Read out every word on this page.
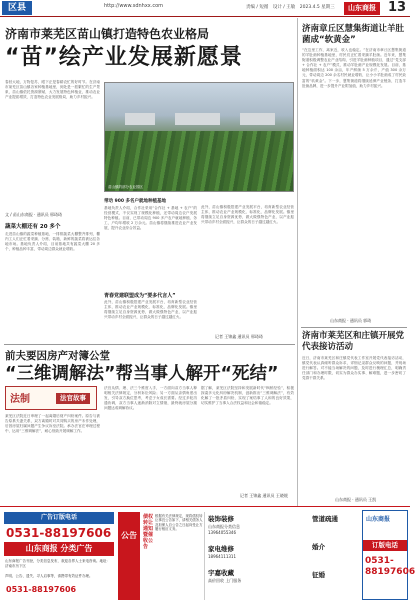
区县	http://www.sdnhxx.com	责编 / 短循　设计 / 王敏　2023.4.5 星期三	山东商报 13
济南市莱芜区苗山镇打造特色农业格局
“苗”绘产业发展新愿景
春回大地，万物复苏，眼下正是春耕农忙的好时节。在济南市莱芜区苗山镇各家种植基地里，到处是一派繁忙的生产景象，苗山镇依托资源禀赋，大力发展特色种植业，推动农业产业提质增效，打造特色农业发展格局，助力乡村振兴。
苗山镇的部分农业园区
文 / 苗山东商报 · 通讯员 邢琦琦
带动 900 多名户就地种植基地
蔬菜大棚还有 20 多个
走进苗山镇的蔬菜种植基地，一排排蔬菜大棚整齐排列，棚内工人们正忙着采摘、分拣、装箱，新鲜的蔬菜将被运往各地市场。基地负责人介绍，目前基地共有蔬菜大棚 20 多个，种植品种丰富，带动周边群众就业增收。
基地负责人介绍，合作社采用“合作社 + 基地 + 农户”的经营模式，不仅实现了规模化种植，还带动周边农户发展特色种植。目前，已带动周边 900 多户农户就地种植、务工，户均年增收 2 万余元。苗山镇将继续推进农业产业发展，提升农业综合效益。
青春党建联盟成为“要多代言人”
此外，苗山镇积极搭建产业发展平台，培育新型农业经营主体，推动农业产业规模化、标准化、品牌化发展。镇里将继续立足自身资源优势，做大做强特色产业，以产业振兴带动乡村全面振兴，让群众的日子越过越红火。
此外，苗山镇积极搭建产业发展平台，培育新型农业经营主体，推动农业产业规模化、标准化、品牌化发展。镇里将继续立足自身资源优势，做大做强特色产业，以产业振兴带动乡村全面振兴，让群众的日子越过越红火。
记者 王锦鑫 通讯员 邢琦琦
前夫要因房产对簿公堂
“三维调解法”帮当事人解开“死结”
法制	法官故事
莱芜区法院近日审理了一起离婚后财产纠纷案件。原告与被告原系夫妻关系，双方离婚时对共同购买的房产未作处理，后因房屋归属问题产生争议诉至法院。承办法官在审理过程中，运用“三维调解法”，耐心细致开展调解工作。
法官从情、理、法三个维度入手，一方面向双方当事人释明相关法律规定，分析诉讼风险；另一方面从亲情角度出发，引导双方换位思考，考虑子女成长需要。经过多轮沟通协调，双方当事人逐渐消除对立情绪，最终就房屋分割问题达成调解协议。
据了解，莱芜区法院坚持和发展新时代“枫桥经验”，积极探索多元化纠纷解决机制，创新推出“三维调解法”，有效化解了一批矛盾纠纷，实现了案结事了人和的良好效果，切实维护了当事人合法权益和社会和谐稳定。
记者 王锦鑫 通讯员 王晓媛
济南章丘区慧集街道让羊肚菌成“软黄金”
“在这里工作，离家近，收入也稳定。”在济南市章丘区慧集街道的羊肚菌种植基地里，村民们正忙着采摘羊肚菌。近年来，慧集街道积极调整农业产业结构，引进羊肚菌种植项目，通过“党支部 + 合作社 + 农户”模式，推动羊肚菌产业规模化发展。目前，基地种植面积达 100 余亩，年产鲜菌 5 万余斤，产值 300 余万元，带动周边 200 余名村民就业增收，让小小羊肚菌成了村民致富的“软黄金”。下一步，慧集街道将继续延伸产业链条，打造羊肚菌品牌，进一步提升产业附加值，助力乡村振兴。
山东商报 · 通讯员 郭琦
济南市莱芜区和庄镇开展党代表接访活动
近日，济南市莱芜区和庄镇党代表工作室开展党代表接访活动，镇党代表认真倾听群众诉求，详细记录群众反映的问题，并现场进行解答。对不能当场解决的问题，及时进行梳理汇总，明确责任部门和办理时限，切实为群众办实事、解难题，进一步密切了党群干群关系。
山东商报 · 通讯员 王凯
广告订版电话
0531-88197606
山东商报 分类广告
山东商报广告刊登，分类信息发布，欢迎各界人士来电咨询。地址：济南市历下区
声明、公告、遗失、寻人启事等，请携带有效证件办理。
0531-88197606
公告
债权转让通知暨催收公告
根据有关法律规定，现将债权转让事宜公告如下，请相关债务人及担保人自公告之日起向受让方履行相应义务。
装饰装修
山东商报分类信息
13964055346
家电维修
18964111311
宇嘉收藏
高价回收 上门服务
管道疏通
婚介
征婚
山东商报
订版电话
0531-88197606
